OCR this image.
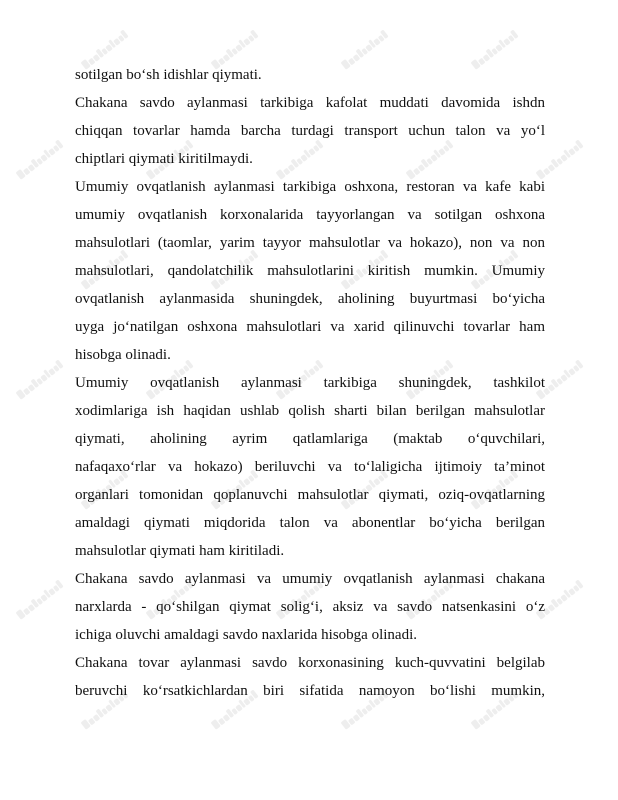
sotilgan bo‘sh idishlar qiymati.
Chakana savdo aylanmasi tarkibiga kafolat muddati davomida ishdn
chiqqan tovarlar hamda barcha turdagi transport uchun talon va yo‘l
chiptlari qiymati kiritilmaydi.
Umumiy ovqatlanish aylanmasi tarkibiga oshxona, restoran va kafe kabi
umumiy ovqatlanish korxonalarida tayyorlangan va sotilgan oshxona
mahsulotlari (taomlar, yarim tayyor mahsulotlar va hokazo), non va non
mahsulotlari, qandolatchilik mahsulotlarini kiritish mumkin. Umumiy
ovqatlanish aylanmasida shuningdek, aholining buyurtmasi bo‘yicha
uyga jo‘natilgan oshxona mahsulotlari va xarid qilinuvchi tovarlar ham
hisobga olinadi.
Umumiy ovqatlanish aylanmasi tarkibiga shuningdek, tashkilot
xodimlariga ish haqidan ushlab qolish sharti bilan berilgan mahsulotlar
qiymati, aholining ayrim qatlamlariga (maktab o‘quvchilari,
nafaqaxo‘rlar va hokazo) beriluvchi va to‘laligicha ijtimoiy ta’minot
organlari tomonidan qoplanuvchi mahsulotlar qiymati, oziq-ovqatlarning
amaldagi qiymati miqdorida talon va abonentlar bo‘yicha berilgan
mahsulotlar qiymati ham kiritiladi.
Chakana savdo aylanmasi va umumiy ovqatlanish aylanmasi chakana
narxlarda - qo‘shilgan qiymat solig‘i, aksiz va savdo natsenkasini o‘z
ichiga oluvchi amaldagi savdo naxlarida hisobga olinadi.
Chakana tovar aylanmasi savdo korxonasining kuch-quvvatini belgilab
beruvchi ko‘rsatkichlardan biri sifatida namoyon bo‘lishi mumkin,
